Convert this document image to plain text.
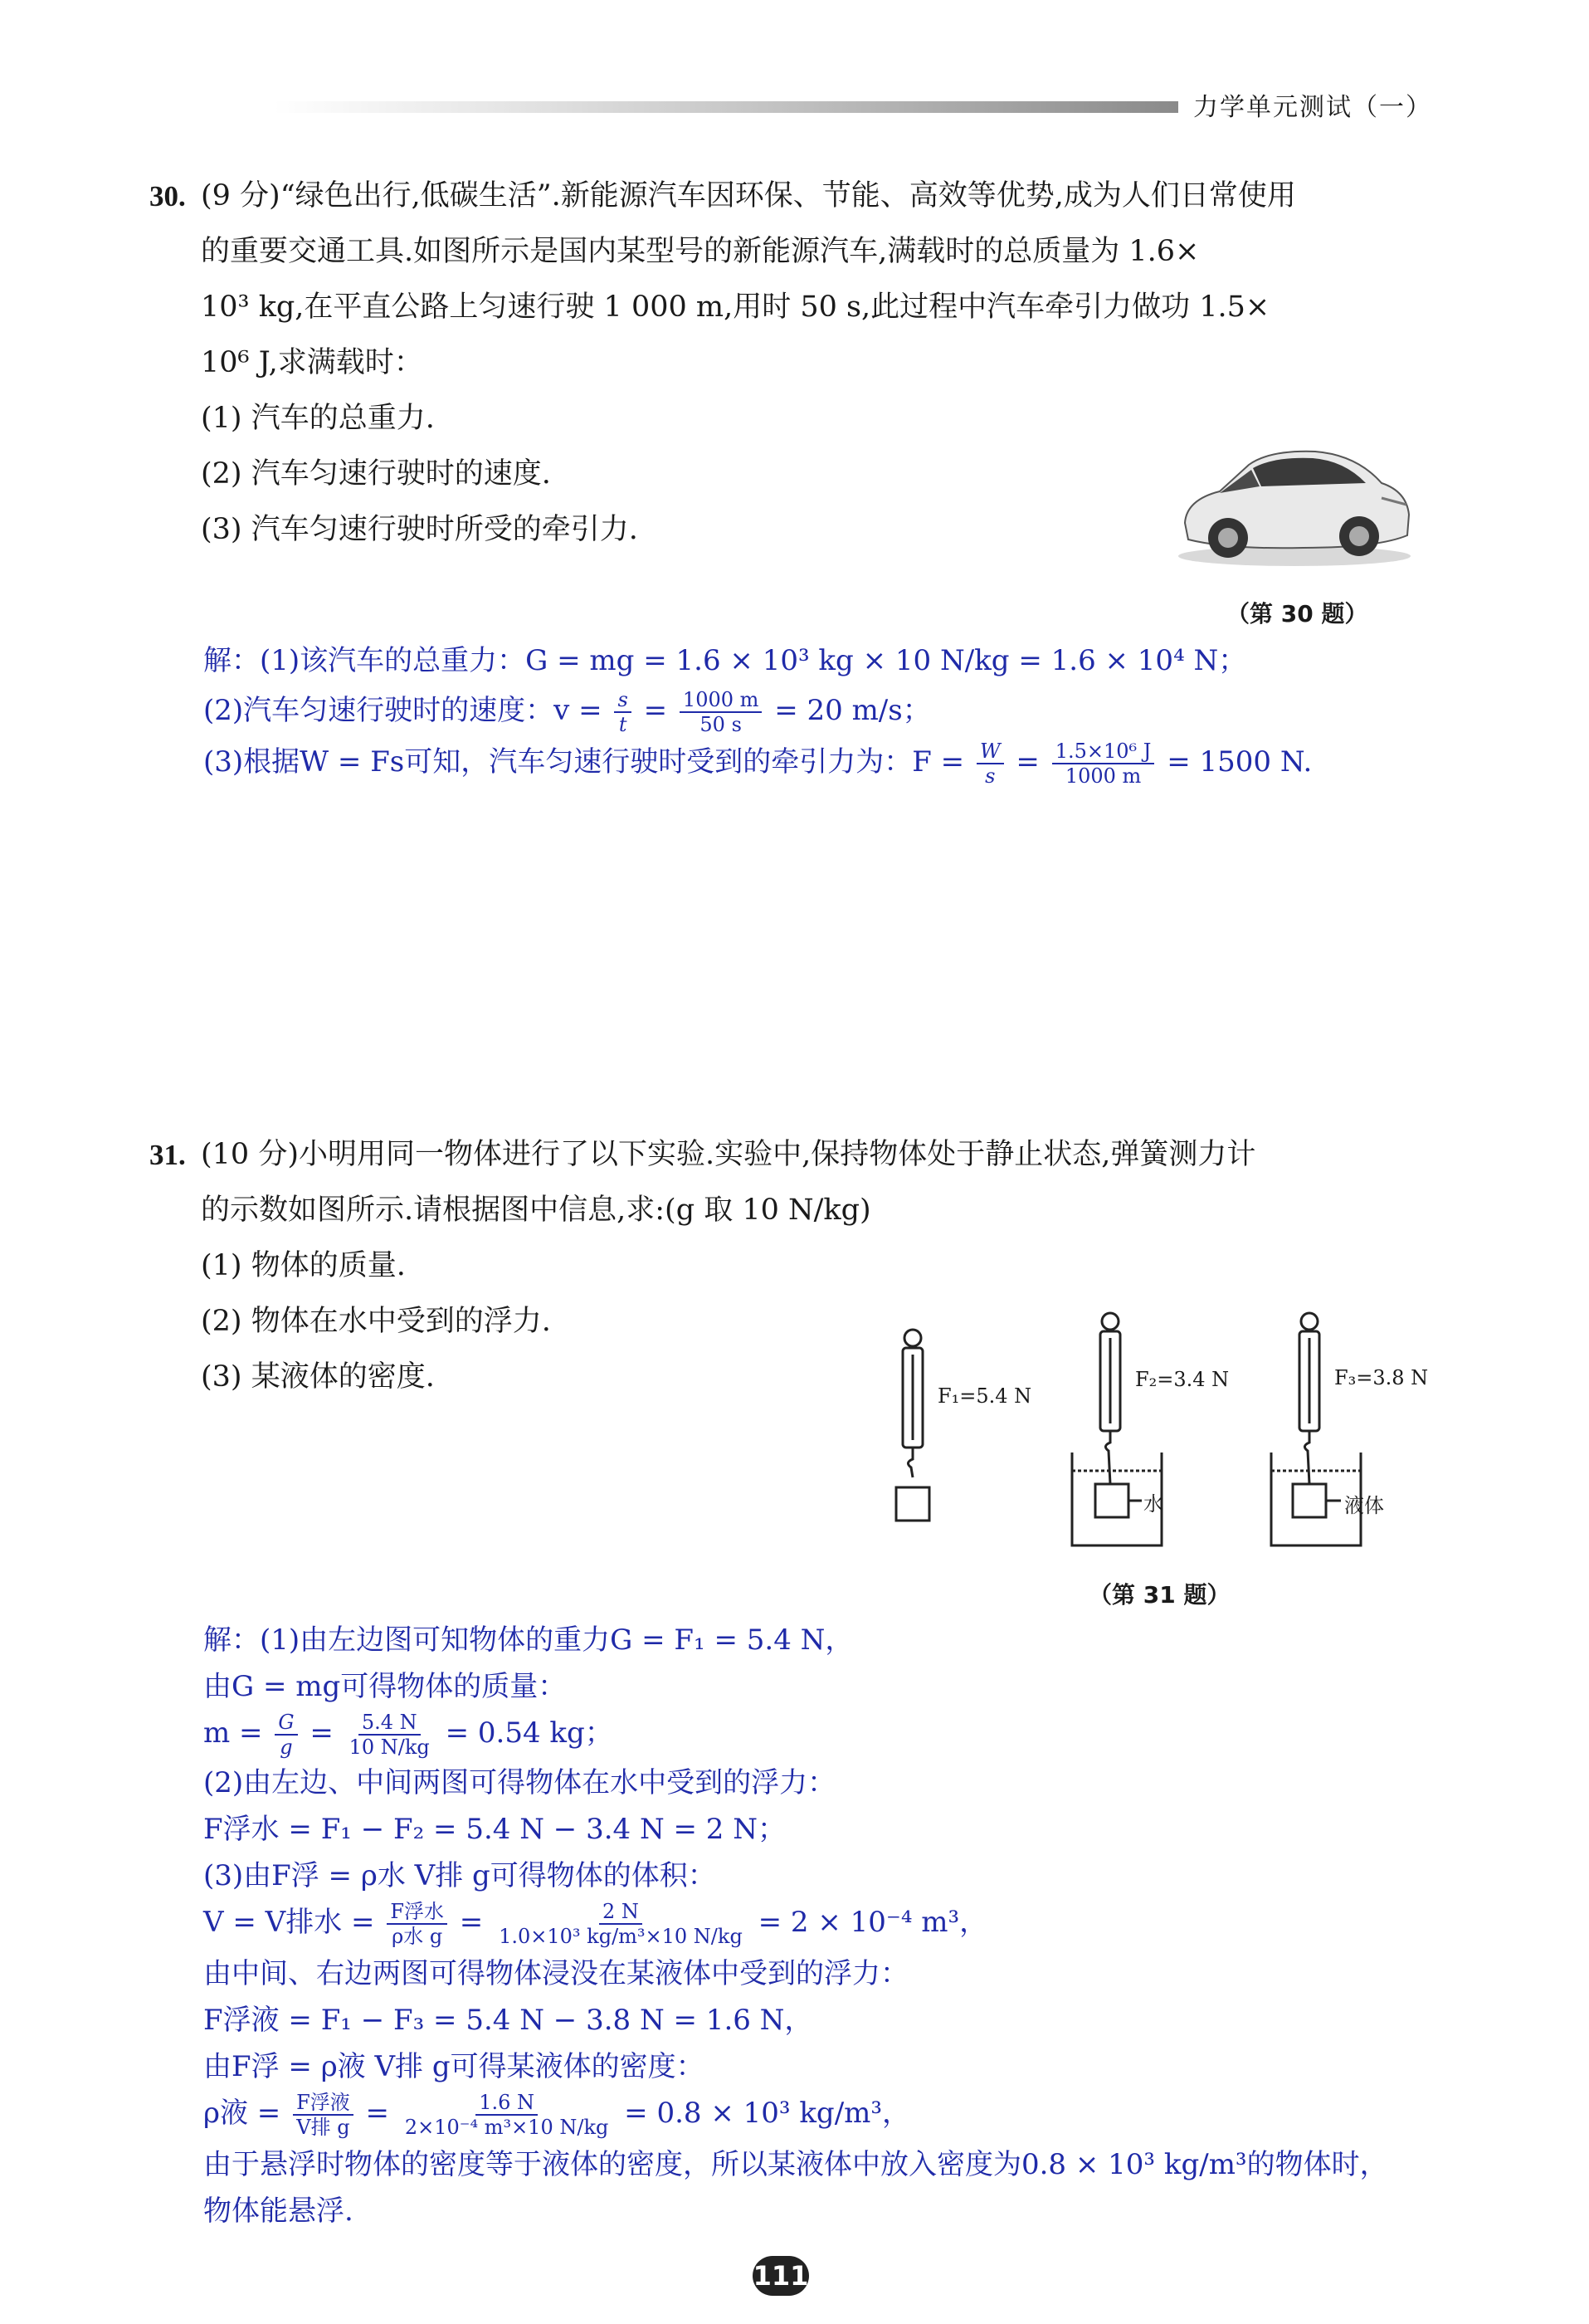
力学单元测试（一）
30. (9 分)“绿色出行,低碳生活”.新能源汽车因环保、节能、高效等优势,成为人们日常使用
的重要交通工具.如图所示是国内某型号的新能源汽车,满载时的总质量为 1.6×
10³ kg,在平直公路上匀速行驶 1 000 m,用时 50 s,此过程中汽车牵引力做功 1.5×
10⁶ J,求满载时：
(1) 汽车的总重力.
(2) 汽车匀速行驶时的速度.
(3) 汽车匀速行驶时所受的牵引力.
（第 30 题）
解：(1)该汽车的总重力：G = mg = 1.6 × 10³ kg × 10 N/kg = 1.6 × 10⁴ N；
(2)汽车匀速行驶时的速度：$v = \frac{s}{t} = \frac{1000 m}{50 s} = 20$ m/s；
(3)根据W = Fs可知，汽车匀速行驶时受到的牵引力为：$F = \frac{W}{s} = \frac{\text{1.5×10⁶ J}}{1000 m} = 1500$ N.
31. (10 分)小明用同一物体进行了以下实验.实验中,保持物体处于静止状态,弹簧测力计
的示数如图所示.请根据图中信息,求:(g 取 10 N/kg)
(1) 物体的质量.
(2) 物体在水中受到的浮力.
(3) 某液体的密度.
F₁=5.4 N
F₂=3.4 N	F₃=3.8 N
水	液体
（第 31 题）
解：(1)由左边图可知物体的重力G = F₁ = 5.4 N，
由G = mg可得物体的质量：
$m = \frac{G}{g} = \frac{5.4 N}{10 N/kg} = 0.54$ kg；
(2)由左边、中间两图可得物体在水中受到的浮力：
F浮水 = F₁ − F₂ = 5.4 N − 3.4 N = 2 N；
(3)由F浮 = ρ水 V排 g可得物体的体积：
V = V排水 = $\frac{\text{F浮水}}{\text{ρ水 g}} = \frac{2 N}{\text{1.0×10³ kg/m³×10 N/kg}} = 2 \times 10^{-4}$ m³，
由中间、右边两图可得物体浸没在某液体中受到的浮力：
F浮液 = F₁ − F₃ = 5.4 N − 3.8 N = 1.6 N，
由F浮 = ρ液 V排 g可得某液体的密度：
ρ液 = $\frac{\text{F浮液}}{\text{V排 g}} = \frac{1.6 N}{\text{2×10⁻⁴ m³×10 N/kg}} = 0.8 \times 10^3$ kg/m³，
由于悬浮时物体的密度等于液体的密度，所以某液体中放入密度为0.8 × 10³ kg/m³的物体时，
物体能悬浮.
111
